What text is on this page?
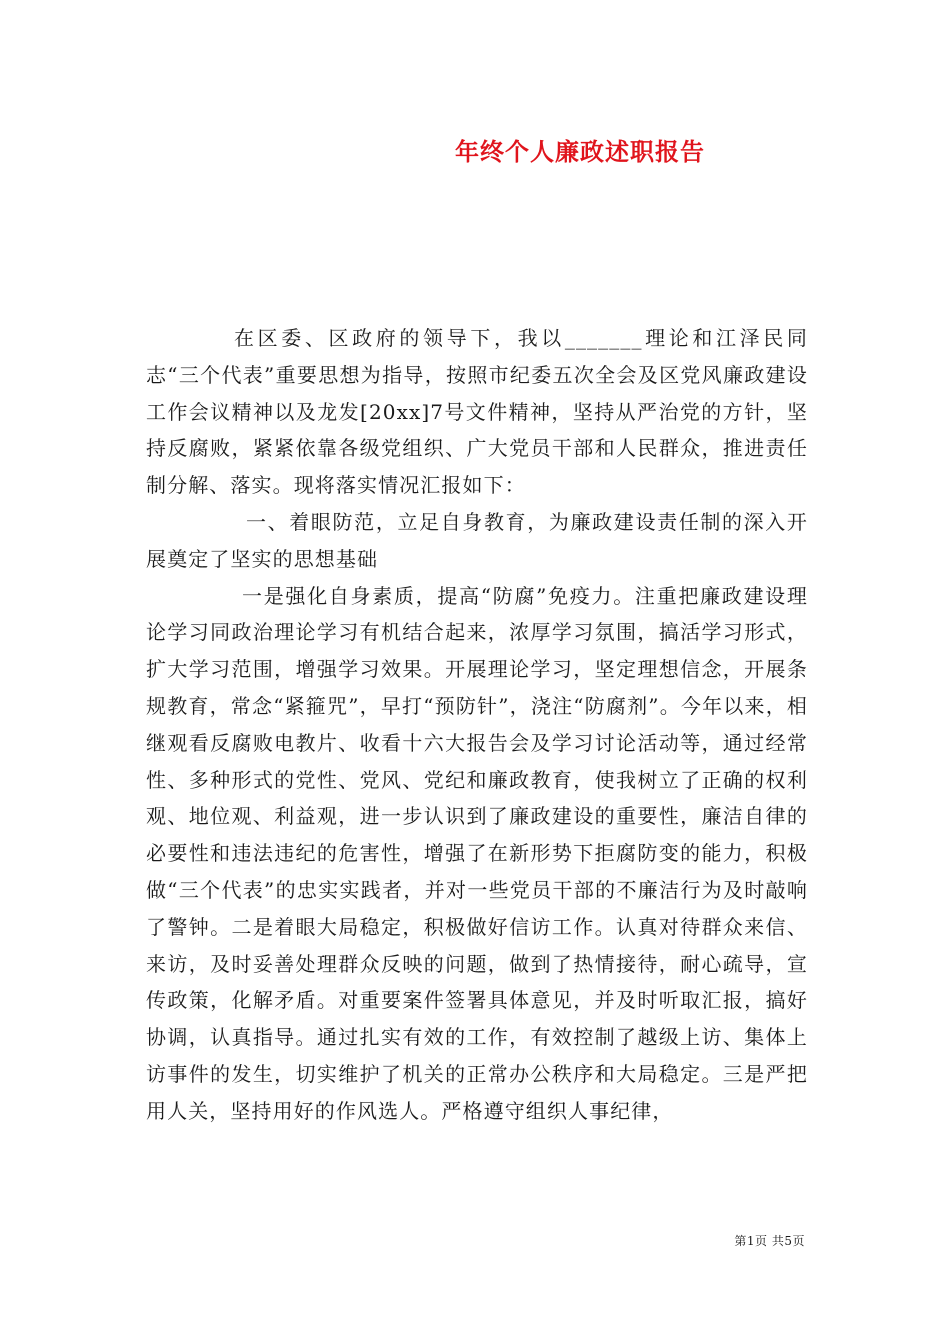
年终个人廉政述职报告

在区委、区政府的领导下，我以_______理论和江泽民同志“三个代表”重要思想为指导，按照市纪委五次全会及区党风廉政建设工作会议精神以及龙发[20xx]7号文件精神，坚持从严治党的方针，坚持反腐败，紧紧依靠各级党组织、广大党员干部和人民群众，推进责任制分解、落实。现将落实情况汇报如下：

一、着眼防范，立足自身教育，为廉政建设责任制的深入开展奠定了坚实的思想基础

一是强化自身素质，提高“防腐”免疫力。注重把廉政建设理论学习同政治理论学习有机结合起来，浓厚学习氛围，搞活学习形式，扩大学习范围，增强学习效果。开展理论学习，坚定理想信念，开展条规教育，常念“紧箍咒”，早打“预防针”，浇注“防腐剂”。今年以来，相继观看反腐败电教片、收看十六大报告会及学习讨论活动等，通过经常性、多种形式的党性、党风、党纪和廉政教育，使我树立了正确的权利观、地位观、利益观，进一步认识到了廉政建设的重要性，廉洁自律的必要性和违法违纪的危害性，增强了在新形势下拒腐防变的能力，积极做“三个代表”的忠实实践者，并对一些党员干部的不廉洁行为及时敲响了警钟。二是着眼大局稳定，积极做好信访工作。认真对待群众来信、来访，及时妥善处理群众反映的问题，做到了热情接待，耐心疏导，宣传政策，化解矛盾。对重要案件签署具体意见，并及时听取汇报，搞好协调，认真指导。通过扎实有效的工作，有效控制了越级上访、集体上访事件的发生，切实维护了机关的正常办公秩序和大局稳定。三是严把用人关，坚持用好的作风选人。严格遵守组织人事纪律，

第1页 共5页
